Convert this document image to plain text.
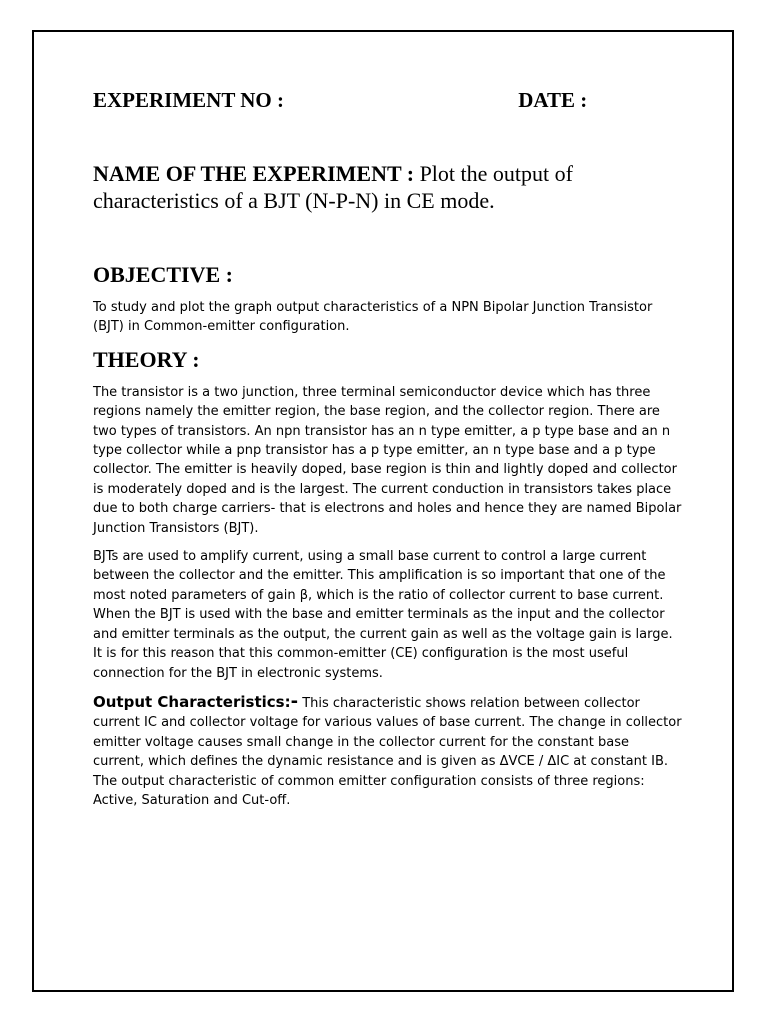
EXPERIMENT NO :	DATE :
NAME OF THE EXPERIMENT : Plot the output of characteristics of a BJT (N-P-N) in CE mode.
OBJECTIVE :

To study and plot the graph output characteristics of a NPN Bipolar Junction Transistor (BJT) in Common-emitter configuration.

THEORY :

The transistor is a two junction, three terminal semiconductor device which has three regions namely the emitter region, the base region, and the collector region. There are two types of transistors. An npn transistor has an n type emitter, a p type base and an n type collector while a pnp transistor has a p type emitter, an n type base and a p type collector. The emitter is heavily doped, base region is thin and lightly doped and collector is moderately doped and is the largest. The current conduction in transistors takes place due to both charge carriers- that is electrons and holes and hence they are named Bipolar Junction Transistors (BJT).

BJTs are used to amplify current, using a small base current to control a large current between the collector and the emitter. This amplification is so important that one of the most noted parameters of gain β, which is the ratio of collector current to base current. When the BJT is used with the base and emitter terminals as the input and the collector and emitter terminals as the output, the current gain as well as the voltage gain is large. It is for this reason that this common-emitter (CE) configuration is the most useful connection for the BJT in electronic systems.

Output Characteristics:- This characteristic shows relation between collector current IC and collector voltage for various values of base current. The change in collector emitter voltage causes small change in the collector current for the constant base current, which defines the dynamic resistance and is given as ΔVCE / ΔIC at constant IB. The output characteristic of common emitter configuration consists of three regions: Active, Saturation and Cut-off.
